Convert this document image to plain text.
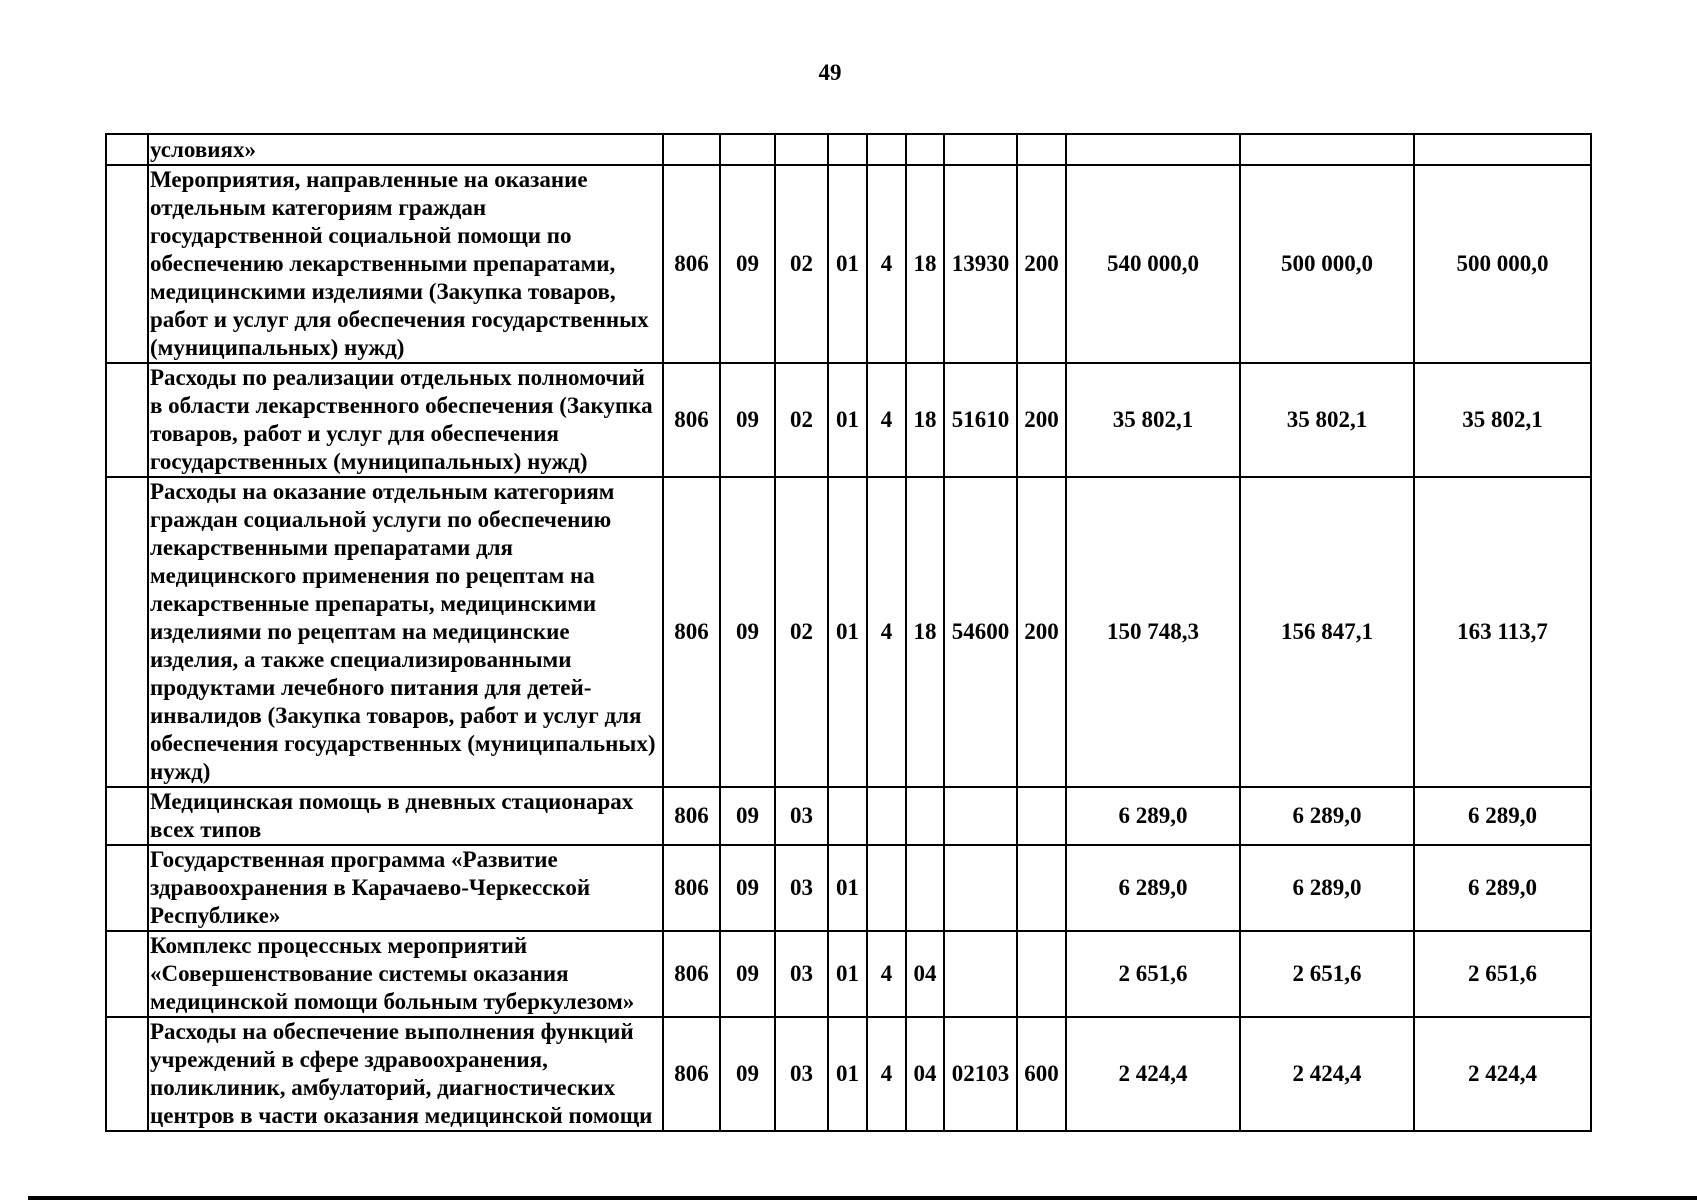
49
	условиях»											
	Мероприятия, направленные на оказание отдельным категориям граждан государственной социальной помощи по обеспечению лекарственными препаратами, медицинскими изделиями (Закупка товаров, работ и услуг для обеспечения государственных (муниципальных) нужд)	806	09	02	01	4	18	13930	200	540 000,0	500 000,0	500 000,0
	Расходы по реализации отдельных полномочий в области лекарственного обеспечения (Закупка товаров, работ и услуг для обеспечения государственных (муниципальных) нужд)	806	09	02	01	4	18	51610	200	35 802,1	35 802,1	35 802,1
	Расходы на оказание отдельным категориям граждан социальной услуги по обеспечению лекарственными препаратами для медицинского применения по рецептам на лекарственные препараты, медицинскими изделиями по рецептам на медицинские изделия, а также специализированными продуктами лечебного питания для детей-инвалидов (Закупка товаров, работ и услуг для обеспечения государственных (муниципальных) нужд)	806	09	02	01	4	18	54600	200	150 748,3	156 847,1	163 113,7
	Медицинская помощь в дневных стационарах всех типов	806	09	03						6 289,0	6 289,0	6 289,0
	Государственная программа «Развитие здравоохранения в Карачаево-Черкесской Республике»	806	09	03	01					6 289,0	6 289,0	6 289,0
	Комплекс процессных мероприятий «Совершенствование системы оказания медицинской помощи больным туберкулезом»	806	09	03	01	4	04			2 651,6	2 651,6	2 651,6
	Расходы на обеспечение выполнения функций учреждений в сфере здравоохранения, поликлиник, амбулаторий, диагностических центров в части оказания медицинской помощи	806	09	03	01	4	04	02103	600	2 424,4	2 424,4	2 424,4
